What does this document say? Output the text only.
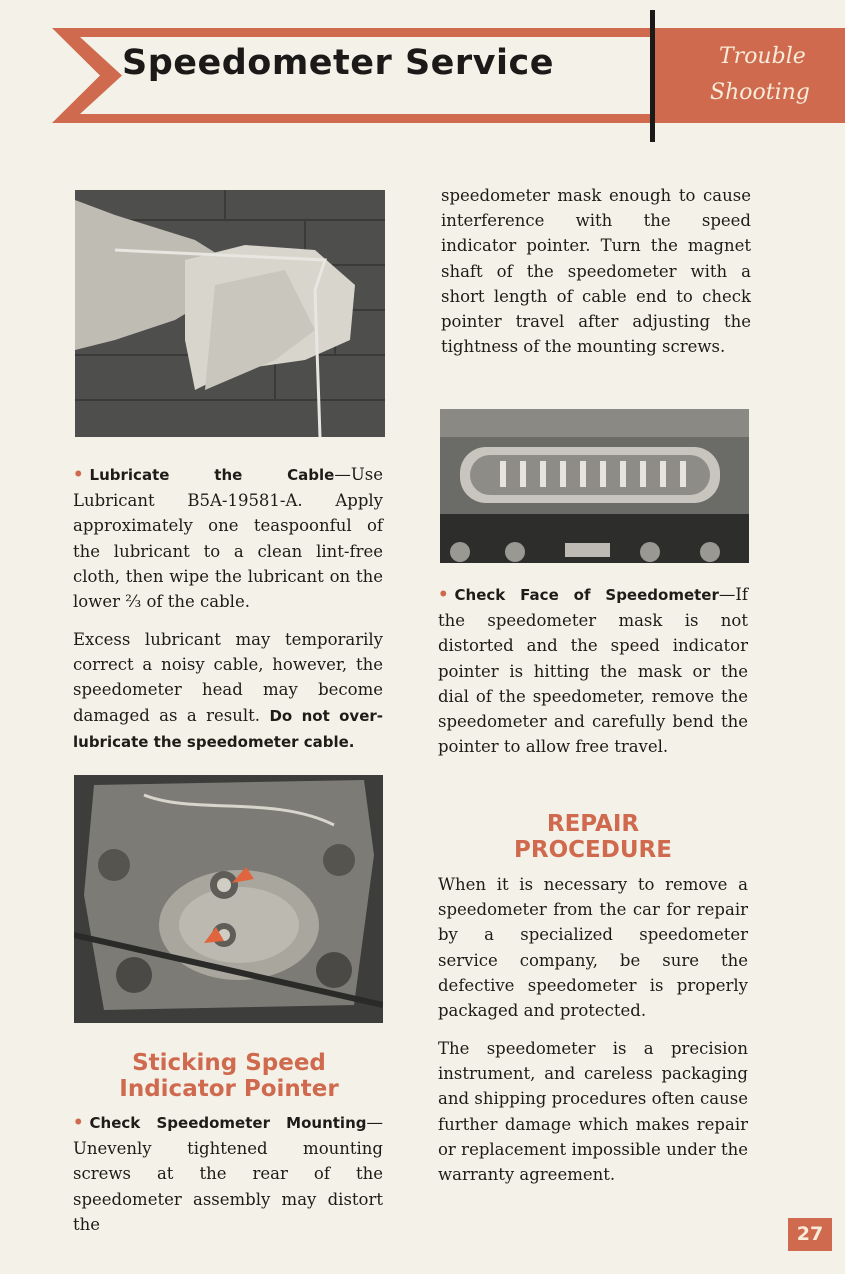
Speedometer Service	Trouble
Shooting
• Lubricate the Cable—Use Lubricant B5A-19581-A. Apply approximately one teaspoonful of the lubricant to a clean lint-free cloth, then wipe the lubricant on the lower ⅔ of the cable.
Excess lubricant may temporarily correct a noisy cable, however, the speedometer head may become damaged as a result. Do not over-lubricate the speedometer cable.
Sticking Speed
Indicator Pointer
• Check Speedometer Mounting—Unevenly tightened mounting screws at the rear of the speedometer assembly may distort the
speedometer mask enough to cause interference with the speed indicator pointer. Turn the magnet shaft of the speedometer with a short length of cable end to check pointer travel after adjusting the tightness of the mounting screws.
• Check Face of Speedometer—If the speedometer mask is not distorted and the speed indicator pointer is hitting the mask or the dial of the speedometer, remove the speedometer and carefully bend the pointer to allow free travel.
REPAIR
PROCEDURE
When it is necessary to remove a speedometer from the car for repair by a specialized speedometer service company, be sure the defective speedometer is properly packaged and protected.
The speedometer is a precision instrument, and careless packaging and shipping procedures often cause further damage which makes repair or replacement impossible under the warranty agreement.
27
